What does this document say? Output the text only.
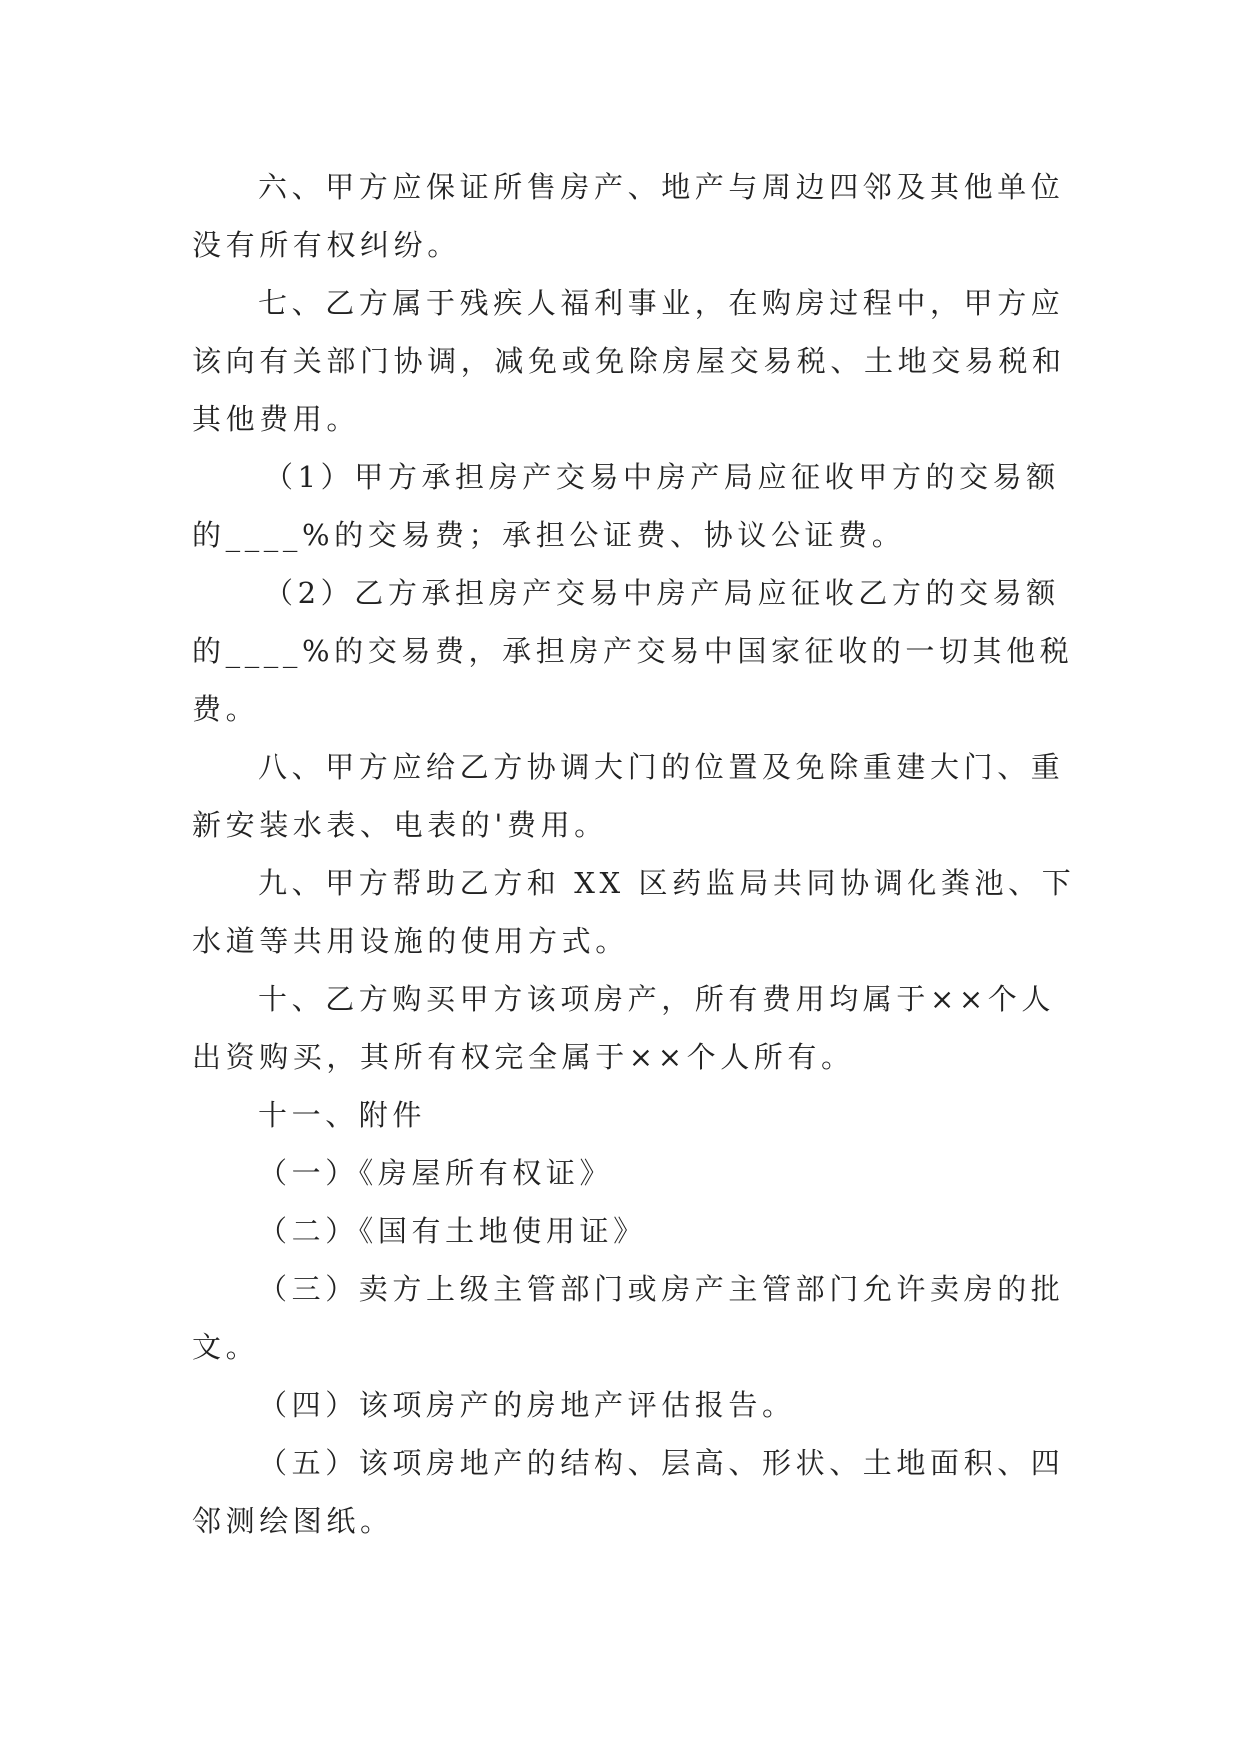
六、甲方应保证所售房产、地产与周边四邻及其他单位
没有所有权纠纷。

七、乙方属于残疾人福利事业，在购房过程中，甲方应
该向有关部门协调，减免或免除房屋交易税、土地交易税和
其他费用。

（1）甲方承担房产交易中房产局应征收甲方的交易额
的____%的交易费；承担公证费、协议公证费。

（2）乙方承担房产交易中房产局应征收乙方的交易额
的____%的交易费，承担房产交易中国家征收的一切其他税
费。

八、甲方应给乙方协调大门的位置及免除重建大门、重
新安装水表、电表的'费用。

九、甲方帮助乙方和 XX 区药监局共同协调化粪池、下
水道等共用设施的使用方式。

十、乙方购买甲方该项房产，所有费用均属于××个人
出资购买，其所有权完全属于××个人所有。

十一、附件

（一）《房屋所有权证》

（二）《国有土地使用证》

（三）卖方上级主管部门或房产主管部门允许卖房的批
文。

（四）该项房产的房地产评估报告。

（五）该项房地产的结构、层高、形状、土地面积、四
邻测绘图纸。
